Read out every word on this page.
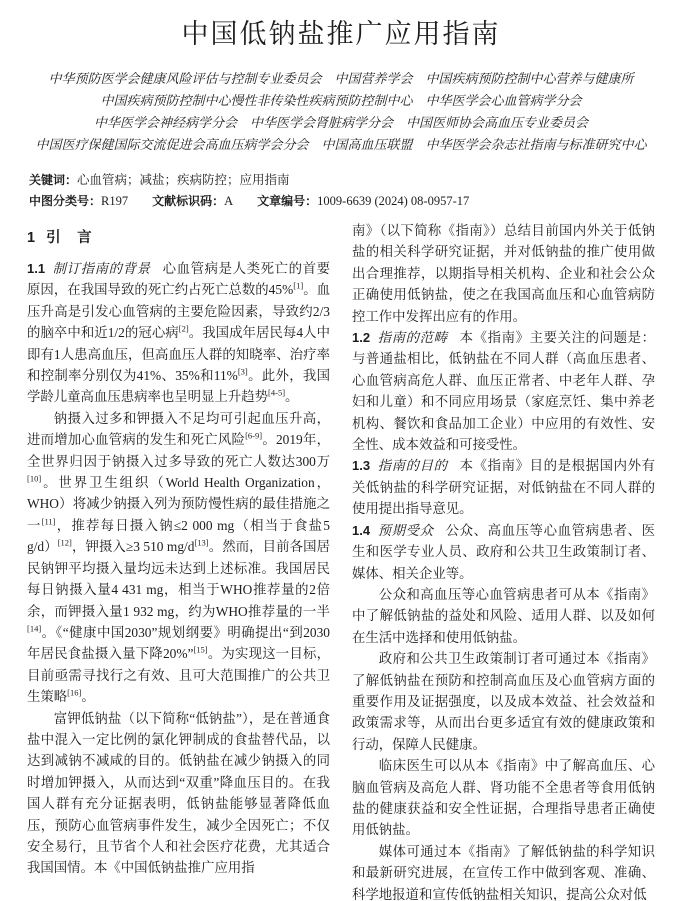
中国低钠盐推广应用指南
中华预防医学会健康风险评估与控制专业委员会　中国营养学会　中国疾病预防控制中心营养与健康所
中国疾病预防控制中心慢性非传染性疾病预防控制中心　中华医学会心血管病学分会
中华医学会神经病学分会　中华医学会肾脏病学分会　中国医师协会高血压专业委员会
中国医疗保健国际交流促进会高血压病学会分会　中国高血压联盟　中华医学会杂志社指南与标准研究中心
关键词：心血管病；减盐；疾病防控；应用指南
中图分类号：R197 文献标识码：A 文章编号：1009-6639 (2024) 08-0957-17
1 引　言

1.1 制订指南的背景 心血管病是人类死亡的首要原因，在我国导致的死亡约占死亡总数的45%[1]。血压升高是引发心血管病的主要危险因素，导致约2/3的脑卒中和近1/2的冠心病[2]。我国成年居民每4人中即有1人患高血压，但高血压人群的知晓率、治疗率和控制率分别仅为41%、35%和11%[3]。此外，我国学龄儿童高血压患病率也呈明显上升趋势[4-5]。

钠摄入过多和钾摄入不足均可引起血压升高，进而增加心血管病的发生和死亡风险[6-9]。2019年，全世界归因于钠摄入过多导致的死亡人数达300万[10]。世界卫生组织（World Health Organization，WHO）将减少钠摄入列为预防慢性病的最佳措施之一[11]，推荐每日摄入钠≤2 000 mg（相当于食盐5 g/d）[12]，钾摄入≥3 510 mg/d[13]。然而，目前各国居民钠钾平均摄入量均远未达到上述标准。我国居民每日钠摄入量4 431 mg，相当于WHO推荐量的2倍余，而钾摄入量1 932 mg，约为WHO推荐量的一半[14]。《“健康中国2030”规划纲要》明确提出“到2030年居民食盐摄入量下降20%”[15]。为实现这一目标，目前亟需寻找行之有效、且可大范围推广的公共卫生策略[16]。

富钾低钠盐（以下简称“低钠盐”），是在普通食盐中混入一定比例的氯化钾制成的食盐替代品，以达到减钠不减咸的目的。低钠盐在减少钠摄入的同时增加钾摄入，从而达到“双重”降血压目的。在我国人群有充分证据表明，低钠盐能够显著降低血压，预防心血管病事件发生，减少全因死亡；不仅安全易行，且节省个人和社会医疗花费，尤其适合我国国情。本《中国低钠盐推广应用指

南》（以下简称《指南》）总结目前国内外关于低钠盐的相关科学研究证据，并对低钠盐的推广使用做出合理推荐，以期指导相关机构、企业和社会公众正确使用低钠盐，使之在我国高血压和心血管病防控工作中发挥出应有的作用。

1.2 指南的范畴 本《指南》主要关注的问题是：与普通盐相比，低钠盐在不同人群（高血压患者、心血管病高危人群、血压正常者、中老年人群、孕妇和儿童）和不同应用场景（家庭烹饪、集中养老机构、餐饮和食品加工企业）中应用的有效性、安全性、成本效益和可接受性。

1.3 指南的目的 本《指南》目的是根据国内外有关低钠盐的科学研究证据，对低钠盐在不同人群的使用提出指导意见。

1.4 预期受众 公众、高血压等心血管病患者、医生和医学专业人员、政府和公共卫生政策制订者、媒体、相关企业等。

公众和高血压等心血管病患者可从本《指南》中了解低钠盐的益处和风险、适用人群、以及如何在生活中选择和使用低钠盐。

政府和公共卫生政策制订者可通过本《指南》了解低钠盐在预防和控制高血压及心血管病方面的重要作用及证据强度，以及成本效益、社会效益和政策需求等，从而出台更多适宜有效的健康政策和行动，保障人民健康。

临床医生可以从本《指南》中了解高血压、心脑血管病及高危人群、肾功能不全患者等食用低钠盐的健康获益和安全性证据，合理指导患者正确使用低钠盐。

媒体可通过本《指南》了解低钠盐的科学知识和最新研究进展，在宣传工作中做到客观、准确、科学地报道和宣传低钠盐相关知识，提高公众对低
